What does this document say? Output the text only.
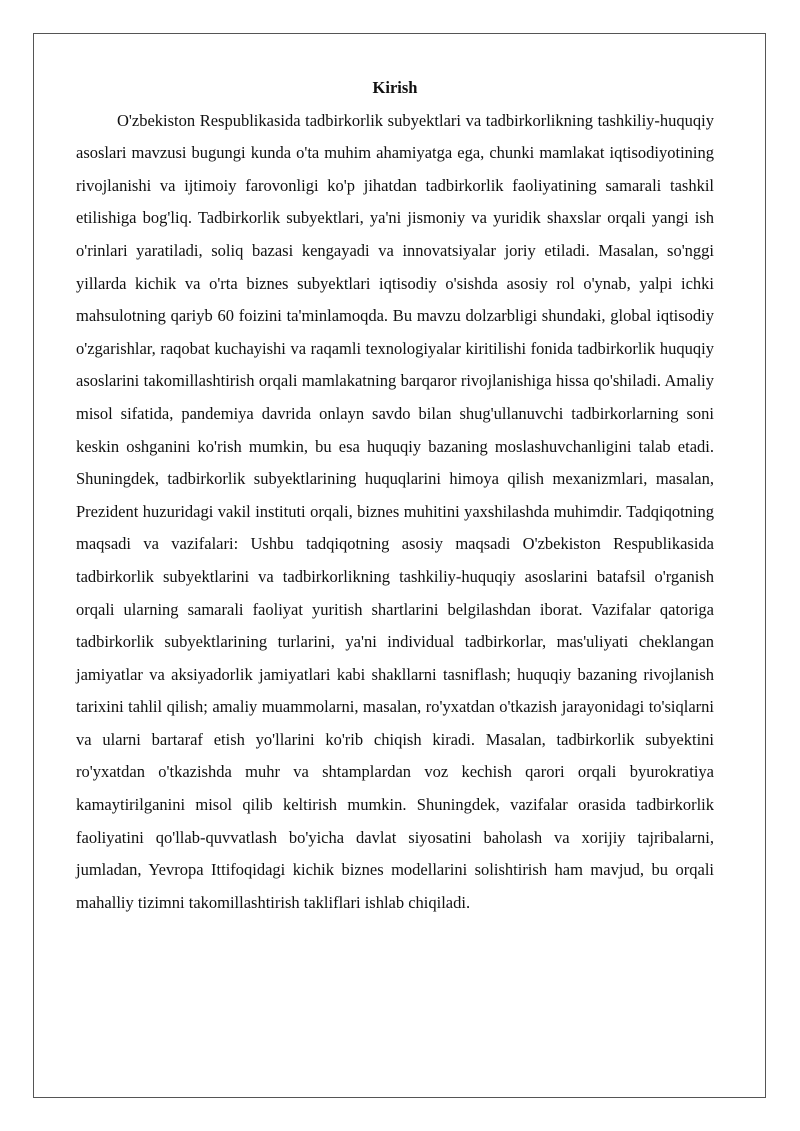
Kirish

O'zbekiston Respublikasida tadbirkorlik subyektlari va tadbirkorlikning tashkiliy-huquqiy asoslari mavzusi bugungi kunda o'ta muhim ahamiyatga ega, chunki mamlakat iqtisodiyotining rivojlanishi va ijtimoiy farovonligi ko'p jihatdan tadbirkorlik faoliyatining samarali tashkil etilishiga bog'liq. Tadbirkorlik subyektlari, ya'ni jismoniy va yuridik shaxslar orqali yangi ish o'rinlari yaratiladi, soliq bazasi kengayadi va innovatsiyalar joriy etiladi. Masalan, so'nggi yillarda kichik va o'rta biznes subyektlari iqtisodiy o'sishda asosiy rol o'ynab, yalpi ichki mahsulotning qariyb 60 foizini ta'minlamoqda. Bu mavzu dolzarbligi shundaki, global iqtisodiy o'zgarishlar, raqobat kuchayishi va raqamli texnologiyalar kiritilishi fonida tadbirkorlik huquqiy asoslarini takomillashtirish orqali mamlakatning barqaror rivojlanishiga hissa qo'shiladi. Amaliy misol sifatida, pandemiya davrida onlayn savdo bilan shug'ullanuvchi tadbirkorlarning soni keskin oshganini ko'rish mumkin, bu esa huquqiy bazaning moslashuvchanligini talab etadi. Shuningdek, tadbirkorlik subyektlarining huquqlarini himoya qilish mexanizmlari, masalan, Prezident huzuridagi vakil instituti orqali, biznes muhitini yaxshilashda muhimdir. Tadqiqotning maqsadi va vazifalari: Ushbu tadqiqotning asosiy maqsadi O'zbekiston Respublikasida tadbirkorlik subyektlarini va tadbirkorlikning tashkiliy-huquqiy asoslarini batafsil o'rganish orqali ularning samarali faoliyat yuritish shartlarini belgilashdan iborat. Vazifalar qatoriga tadbirkorlik subyektlarining turlarini, ya'ni individual tadbirkorlar, mas'uliyati cheklangan jamiyatlar va aksiyadorlik jamiyatlari kabi shakllarni tasniflash; huquqiy bazaning rivojlanish tarixini tahlil qilish; amaliy muammolarni, masalan, ro'yxatdan o'tkazish jarayonidagi to'siqlarni va ularni bartaraf etish yo'llarini ko'rib chiqish kiradi. Masalan, tadbirkorlik subyektini ro'yxatdan o'tkazishda muhr va shtamplardan voz kechish qarori orqali byurokratiya kamaytirilganini misol qilib keltirish mumkin. Shuningdek, vazifalar orasida tadbirkorlik faoliyatini qo'llab-quvvatlash bo'yicha davlat siyosatini baholash va xorijiy tajribalarni, jumladan, Yevropa Ittifoqidagi kichik biznes modellarini solishtirish ham mavjud, bu orqali mahalliy tizimni takomillashtirish takliflari ishlab chiqiladi.
